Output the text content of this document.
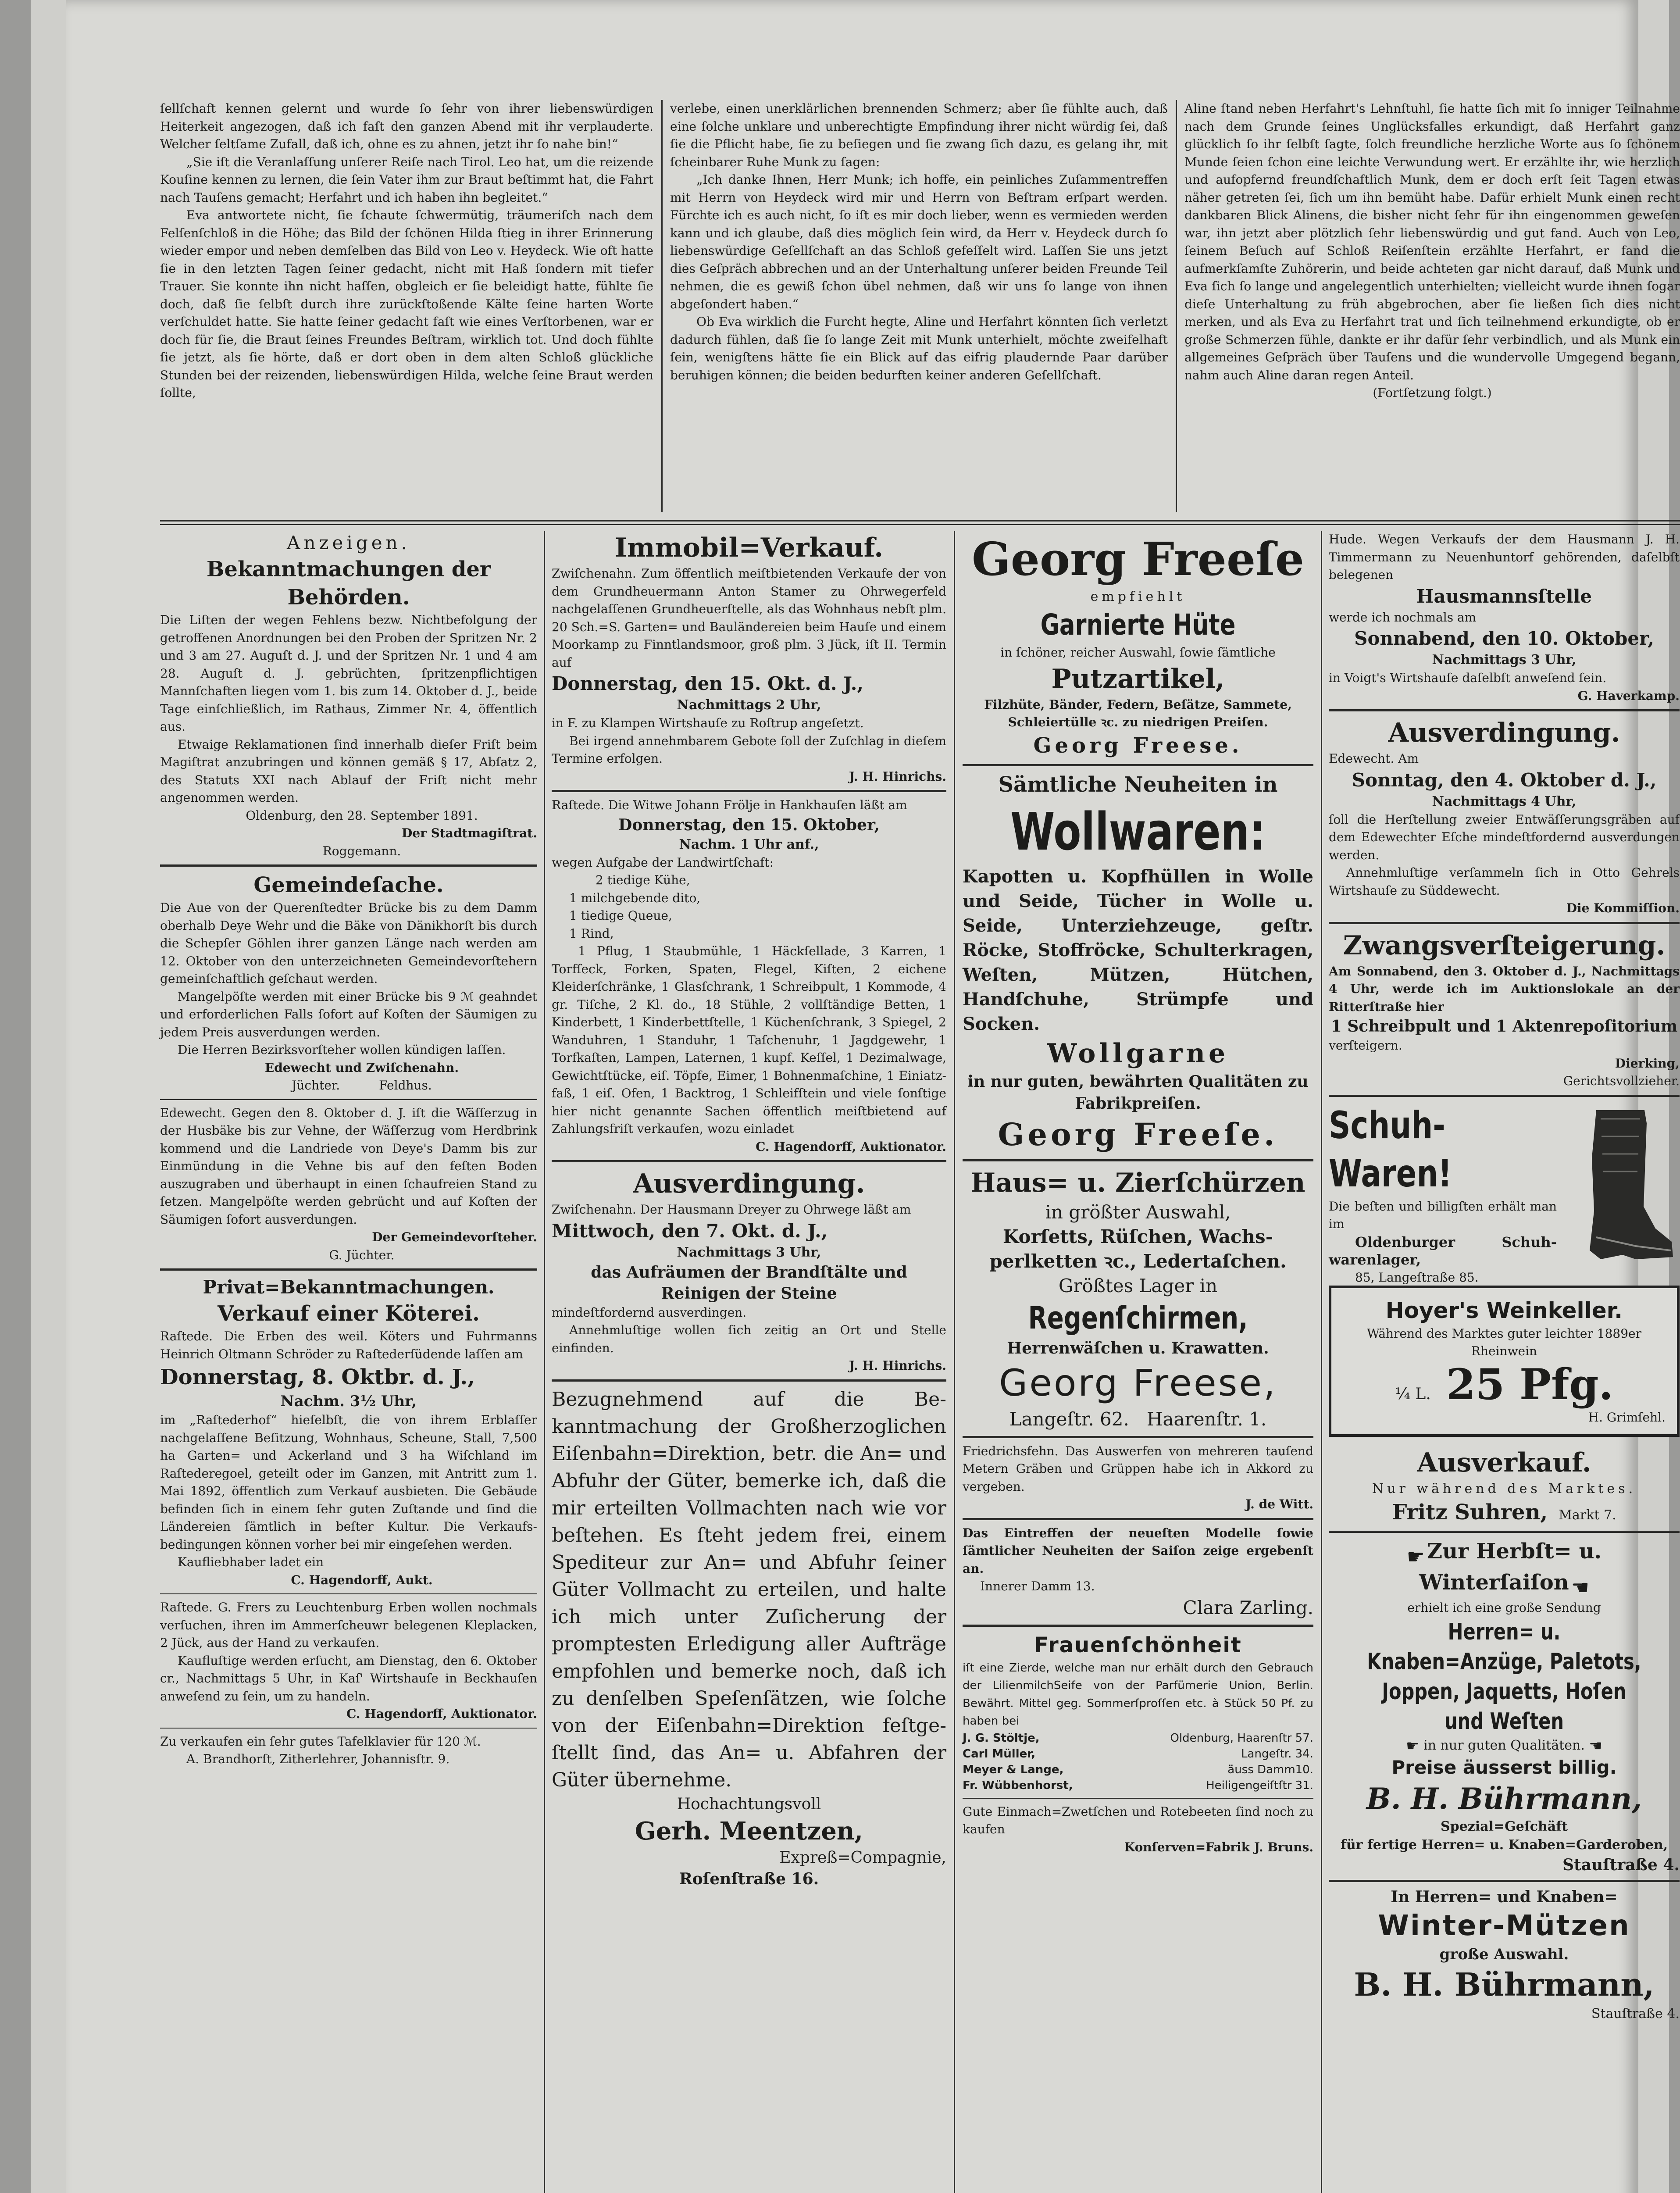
ſellſchaft kennen gelernt und wurde ſo ſehr von ihrer liebenswürdigen Heiterkeit angezogen, daß ich faſt den ganzen Abend mit ihr verplauderte. Welcher ſeltſame Zufall, daß ich, ohne es zu ahnen, jetzt ihr ſo nahe bin!“

„Sie iſt die Veranlaſſung unſerer Reiſe nach Tirol. Leo hat, um die reizende Kouſine kennen zu lernen, die ſein Vater ihm zur Braut beſtimmt hat, die Fahrt nach Tauſens gemacht; Herfahrt und ich haben ihn begleitet.“

Eva antwortete nicht, ſie ſchaute ſchwermütig, träumeriſch nach dem Felſenſchloß in die Höhe; das Bild der ſchönen Hilda ſtieg in ihrer Erinnerung wieder empor und neben demſelben das Bild von Leo v. Heydeck. Wie oft hatte ſie in den letzten Tagen ſeiner gedacht, nicht mit Haß ſondern mit tiefer Trauer. Sie konnte ihn nicht haſſen, obgleich er ſie beleidigt hatte, fühlte ſie doch, daß ſie ſelbſt durch ihre zurückſtoßende Kälte ſeine harten Worte verſchuldet hatte. Sie hatte ſeiner gedacht faſt wie eines Verſtorbenen, war er doch für ſie, die Braut ſeines Freundes Beſtram, wirklich tot. Und doch fühlte ſie jetzt, als ſie hörte, daß er dort oben in dem alten Schloß glückliche Stunden bei der reizenden, liebenswürdigen Hilda, welche ſeine Braut werden ſollte,

verlebe, einen unerklärlichen brennenden Schmerz; aber ſie fühlte auch, daß eine ſolche unklare und unberechtigte Empfindung ihrer nicht würdig ſei, daß ſie die Pflicht habe, ſie zu beſiegen und ſie zwang ſich dazu, es gelang ihr, mit ſcheinbarer Ruhe Munk zu ſagen:

„Ich danke Ihnen, Herr Munk; ich hoffe, ein peinliches Zuſammentreffen mit Herrn von Heydeck wird mir und Herrn von Beſtram erſpart werden. Fürchte ich es auch nicht, ſo iſt es mir doch lieber, wenn es vermieden werden kann und ich glaube, daß dies möglich ſein wird, da Herr v. Heydeck durch ſo liebenswürdige Geſellſchaft an das Schloß gefeſſelt wird. Laſſen Sie uns jetzt dies Geſpräch abbrechen und an der Unterhaltung unſerer beiden Freunde Teil nehmen, die es gewiß ſchon übel nehmen, daß wir uns ſo lange von ihnen abgeſondert haben.“

Ob Eva wirklich die Furcht hegte, Aline und Herfahrt könnten ſich verletzt dadurch fühlen, daß ſie ſo lange Zeit mit Munk unterhielt, möchte zweifelhaft ſein, wenigſtens hätte ſie ein Blick auf das eifrig plaudernde Paar darüber beruhigen können; die beiden bedurften keiner anderen Geſellſchaft.

Aline ſtand neben Herfahrt's Lehnſtuhl, ſie hatte ſich mit ſo inniger Teilnahme nach dem Grunde ſeines Unglücksfalles erkundigt, daß Herfahrt ganz glücklich ſo ihr ſelbſt ſagte, ſolch freundliche herzliche Worte aus ſo ſchönem Munde ſeien ſchon eine leichte Verwundung wert. Er erzählte ihr, wie herzlich und aufopfernd freundſchaftlich Munk, dem er doch erſt ſeit Tagen etwas näher getreten ſei, ſich um ihn bemüht habe. Dafür erhielt Munk einen recht dankbaren Blick Alinens, die bisher nicht ſehr für ihn eingenommen geweſen war, ihn jetzt aber plötzlich ſehr liebenswürdig und gut fand. Auch von Leo, ſeinem Beſuch auf Schloß Reiſenſtein erzählte Herfahrt, er fand die aufmerkſamſte Zuhörerin, und beide achteten gar nicht darauf, daß Munk und Eva ſich ſo lange und angelegentlich unterhielten; vielleicht wurde ihnen ſogar dieſe Unterhaltung zu früh abgebrochen, aber ſie ließen ſich dies nicht merken, und als Eva zu Herfahrt trat und ſich teilnehmend erkundigte, ob er große Schmerzen fühle, dankte er ihr dafür ſehr verbindlich, und als Munk ein allgemeines Geſpräch über Tauſens und die wundervolle Umgegend begann, nahm auch Aline daran regen Anteil.

(Fortſetzung folgt.)

Anzeigen.
Bekanntmachungen der Behörden.

Die Liſten der wegen Fehlens bezw. Nichtbefolgung der getroffenen Anordnungen bei den Proben der Spritzen Nr. 2 und 3 am 27. Auguſt d. J. und der Spritzen Nr. 1 und 4 am 28. Auguſt d. J. gebrüchten, ſpritzenpflichtigen Mannſchaften liegen vom 1. bis zum 14. Oktober d. J., beide Tage einſchließlich, im Rathaus, Zimmer Nr. 4, öffentlich aus.

Etwaige Reklamationen ſind innerhalb dieſer Friſt beim Magiſtrat anzubringen und können gemäß § 17, Abſatz 2, des Statuts XXI nach Ablauf der Friſt nicht mehr angenommen werden.

Oldenburg, den 28. September 1891.

Der Stadtmagiſtrat.

Roggemann.

Gemeindeſache.

Die Aue von der Querenſtedter Brücke bis zu dem Damm oberhalb Deye Wehr und die Bäke von Dänikhorſt bis durch die Schepſer Göhlen ihrer ganzen Länge nach werden am 12. Oktober von den unterzeichneten Gemeindevorſtehern gemeinſchaftlich geſchaut werden.

Mangelpöſte werden mit einer Brücke bis 9 ℳ geahndet und erforderlichen Falls ſofort auf Koſten der Säumigen zu jedem Preis ausverdungen werden.

Die Herren Bezirksvorſteher wollen kündigen laſſen.

Edewecht und Zwiſchenahn.

Jüchter.          Feldhus.

Edewecht. Gegen den 8. Oktober d. J. iſt die Wäſſerzug in der Husbäke bis zur Vehne, der Wäſſerzug vom Herdbrink kommend und die Landriede von Deye's Damm bis zur Einmündung in die Vehne bis auf den feſten Boden auszugraben und überhaupt in einen ſchaufreien Stand zu ſetzen. Mangelpöſte werden gebrücht und auf Koſten der Säumigen ſofort ausverdungen.

Der Gemeindevorſteher.

G. Jüchter.

Privat=Bekanntmachungen.
Verkauf einer Köterei.

Raſtede. Die Erben des weil. Köters und Fuhrmanns Heinrich Oltmann Schröder zu Raſtederſüdende laſſen am

Donnerstag, 8. Oktbr. d. J.,
Nachm. 3½ Uhr,

im „Raſtederhof“ hieſelbſt, die von ihrem Erblaſſer nachgelaſſene Beſitzung, Wohnhaus, Scheune, Stall, 7,500 ha Garten= und Ackerland und 3 ha Wiſchland im Raſtederegoel, geteilt oder im Ganzen, mit Antritt zum 1. Mai 1892, öffentlich zum Verkauf ausbieten. Die Gebäude befinden ſich in einem ſehr guten Zuſtande und ſind die Ländereien ſämtlich in beſter Kultur. Die Verkaufsbedingungen können vorher bei mir eingeſehen werden.

Kaufliebhaber ladet ein

C. Hagendorff, Aukt.

Raſtede. G. Frers zu Leuchtenburg Erben wollen nochmals verſuchen, ihren im Ammerſcheuwr belegenen Kleplacken, 2 Jück, aus der Hand zu verkaufen.

Kaufluſtige werden erſucht, am Dienstag, den 6. Oktober cr., Nachmittags 5 Uhr, in Kaſ' Wirtshauſe in Beckhauſen anweſend zu ſein, um zu handeln.

C. Hagendorff, Auktionator.

Zu verkaufen ein ſehr gutes Tafelklavier für 120 ℳ.

A. Brandhorſt, Zitherlehrer, Johannisſtr. 9.

Immobil=Verkauf.

Zwiſchenahn. Zum öffentlich meiſtbietenden Verkaufe der von dem Grundheuermann Anton Stamer zu Ohrwegerfeld nachgelaſſenen Grundheuerſtelle, als das Wohnhaus nebſt plm. 20 Sch.=S. Garten= und Bauländereien beim Hauſe und einem Moorkamp zu Finntlandsmoor, groß plm. 3 Jück, iſt II. Termin auf

Donnerstag, den 15. Okt. d. J.,
Nachmittags 2 Uhr,

in F. zu Klampen Wirtshauſe zu Roſtrup angeſetzt.

Bei irgend annehmbarem Gebote ſoll der Zuſchlag in dieſem Termine erfolgen.

J. H. Hinrichs.

Raſtede. Die Witwe Johann Frölje in Hankhauſen läßt am

Donnerstag, den 15. Oktober,
Nachm. 1 Uhr anf.,

wegen Aufgabe der Landwirtſchaft:

2 tiedige Kühe,
1 milchgebende dito,
1 tiedige Queue,
1 Rind,

1 Pflug, 1 Staubmühle, 1 Häckſellade, 3 Karren, 1 Torfſeck, Forken, Spaten, Flegel, Kiſten, 2 eichene Kleiderſchränke, 1 Glasſchrank, 1 Schreibpult, 1 Kommode, 4 gr. Tiſche, 2 Kl. do., 18 Stühle, 2 vollſtändige Betten, 1 Kinderbett, 1 Kinderbettſtelle, 1 Küchenſchrank, 3 Spiegel, 2 Wanduhren, 1 Standuhr, 1 Taſchenuhr, 1 Jagdgewehr, 1 Torfkaſten, Lampen, Laternen, 1 kupf. Keſſel, 1 Dezimalwage, Gewichtſtücke, eiſ. Töpfe, Eimer, 1 Bohnenmaſchine, 1 Einiatzfaß, 1 eiſ. Ofen, 1 Backtrog, 1 Schleifſtein und viele ſonſtige hier nicht genannte Sachen öffentlich meiſtbietend auf Zahlungsfriſt verkaufen, wozu einladet

C. Hagendorff, Auktionator.

Ausverdingung.

Zwiſchenahn. Der Hausmann Dreyer zu Ohrwege läßt am

Mittwoch, den 7. Okt. d. J.,
Nachmittags 3 Uhr,
das Aufräumen der Brandſtälte und Reinigen der Steine

mindeſtfordernd ausverdingen.

Annehmluſtige wollen ſich zeitig an Ort und Stelle einfinden.

J. H. Hinrichs.

Bezugnehmend auf die Bekanntmachung der Großherzoglichen Eiſenbahn=Direktion, betr. die An= und Abfuhr der Güter, bemerke ich, daß die mir erteilten Vollmachten nach wie vor beſtehen. Es ſteht jedem frei, einem Spediteur zur An= und Abfuhr ſeiner Güter Vollmacht zu erteilen, und halte ich mich unter Zuſicherung der promptesten Erledigung aller Aufträge empfohlen und bemerke noch, daß ich zu denſelben Speſenſätzen, wie ſolche von der Eiſenbahn=Direktion feſtgeſtellt ſind, das An= u. Abfahren der Güter übernehme.

Hochachtungsvoll
Gerh. Meentzen,
Expreß=Compagnie,
Roſenſtraße 16.
Georg Freeſe
empfiehlt
Garnierte Hüte

in ſchöner, reicher Auswahl, ſowie ſämtliche

Putzartikel,

Filzhüte, Bänder, Federn, Beſätze, Sammete, Schleiertülle ꝛc. zu niedrigen Preiſen.

Georg Freese.
Sämtliche Neuheiten in
Wollwaren:

Kapotten u. Kopfhüllen in Wolle und Seide, Tücher in Wolle u. Seide, Unterziehzeuge, geſtr. Röcke, Stoffröcke, Schulterkragen, Weſten, Mützen, Hütchen, Handſchuhe, Strümpfe und Socken.

Wollgarne

in nur guten, bewährten Qualitäten zu Fabrikpreiſen.

Georg Freeſe.
Haus= u. Zierſchürzen
in größter Auswahl,
Korſetts, Rüſchen, Wachsperlketten ꝛc., Ledertaſchen.
Größtes Lager in
Regenſchirmen,
Herrenwäſchen u. Krawatten.
Georg Freese,
Langeſtr. 62.   Haarenſtr. 1.

Friedrichsfehn. Das Auswerfen von mehreren tauſend Metern Gräben und Grüppen habe ich in Akkord zu vergeben.

J. de Witt.

Das Eintreffen der neueſten Modelle ſowie ſämtlicher Neuheiten der Saiſon zeige ergebenſt an.

Innerer Damm 13.

Clara Zarling.
Frauenſchönheit

iſt eine Zierde, welche man nur erhält durch den Gebrauch der LilienmilchSeife von der Parfümerie Union, Berlin. Bewährt. Mittel geg. Sommerſproſſen etc. à Stück 50 Pf. zu haben bei

J. G. Stöltje,	Oldenburg, Haarenſtr 57.
Carl Müller,	Langeſtr. 34.
Meyer & Lange,	äuss Damm10.
Fr. Wübbenhorst,	Heiligengeiſtſtr 31.

Gute Einmach=Zwetſchen und Rotebeeten ſind noch zu kaufen

Konſerven=Fabrik J. Bruns.

Hude. Wegen Verkaufs der dem Hausmann J. H. Timmermann zu Neuenhuntorf gehörenden, daſelbſt belegenen

Hausmannsſtelle

werde ich nochmals am

Sonnabend, den 10. Oktober,
Nachmittags 3 Uhr,

in Voigt's Wirtshauſe daſelbſt anweſend ſein.

G. Haverkamp.

Ausverdingung.

Edewecht. Am

Sonntag, den 4. Oktober d. J.,
Nachmittags 4 Uhr,

ſoll die Herſtellung zweier Entwäſſerungsgräben auf dem Edewechter Eſche mindeſtfordernd ausverdungen werden.

Annehmluſtige verſammeln ſich in Otto Gehrels Wirtshauſe zu Süddewecht.

Die Kommiſſion.

Zwangsverſteigerung.

Am Sonnabend, den 3. Oktober d. J., Nachmittags 4 Uhr, werde ich im Auktionslokale an der Ritterſtraße hier

1 Schreibpult und 1 Aktenrepoſitorium

verſteigern.

Dierking,

Gerichtsvollzieher.

Schuh-Waren!

Die beſten und billigſten erhält man im

Oldenburger Schuhwarenlager,

85, Langeſtraße 85.

Hoyer's Weinkeller.

Während des Marktes guter leichter 1889er Rheinwein

¼ L. 25 Pfg.

H. Grimſehl.

Ausverkauf.
Nur während des Marktes.
Fritz Suhren, Markt 7.
☛ Zur Herbſt= u. Winterſaiſon ☚

erhielt ich eine große Sendung

Herren= u. Knaben=Anzüge, Paletots, Joppen, Jaquetts, Hoſen und Weſten
☛ in nur guten Qualitäten. ☚
Preise äusserst billig.
B. H. Bührmann,
Spezial=Geſchäft
für fertige Herren= u. Knaben=Garderoben,
Stauſtraße 4.
In Herren= und Knaben=
Winter-Mützen
große Auswahl.
B. H. Bührmann,
Stauſtraße 4.
